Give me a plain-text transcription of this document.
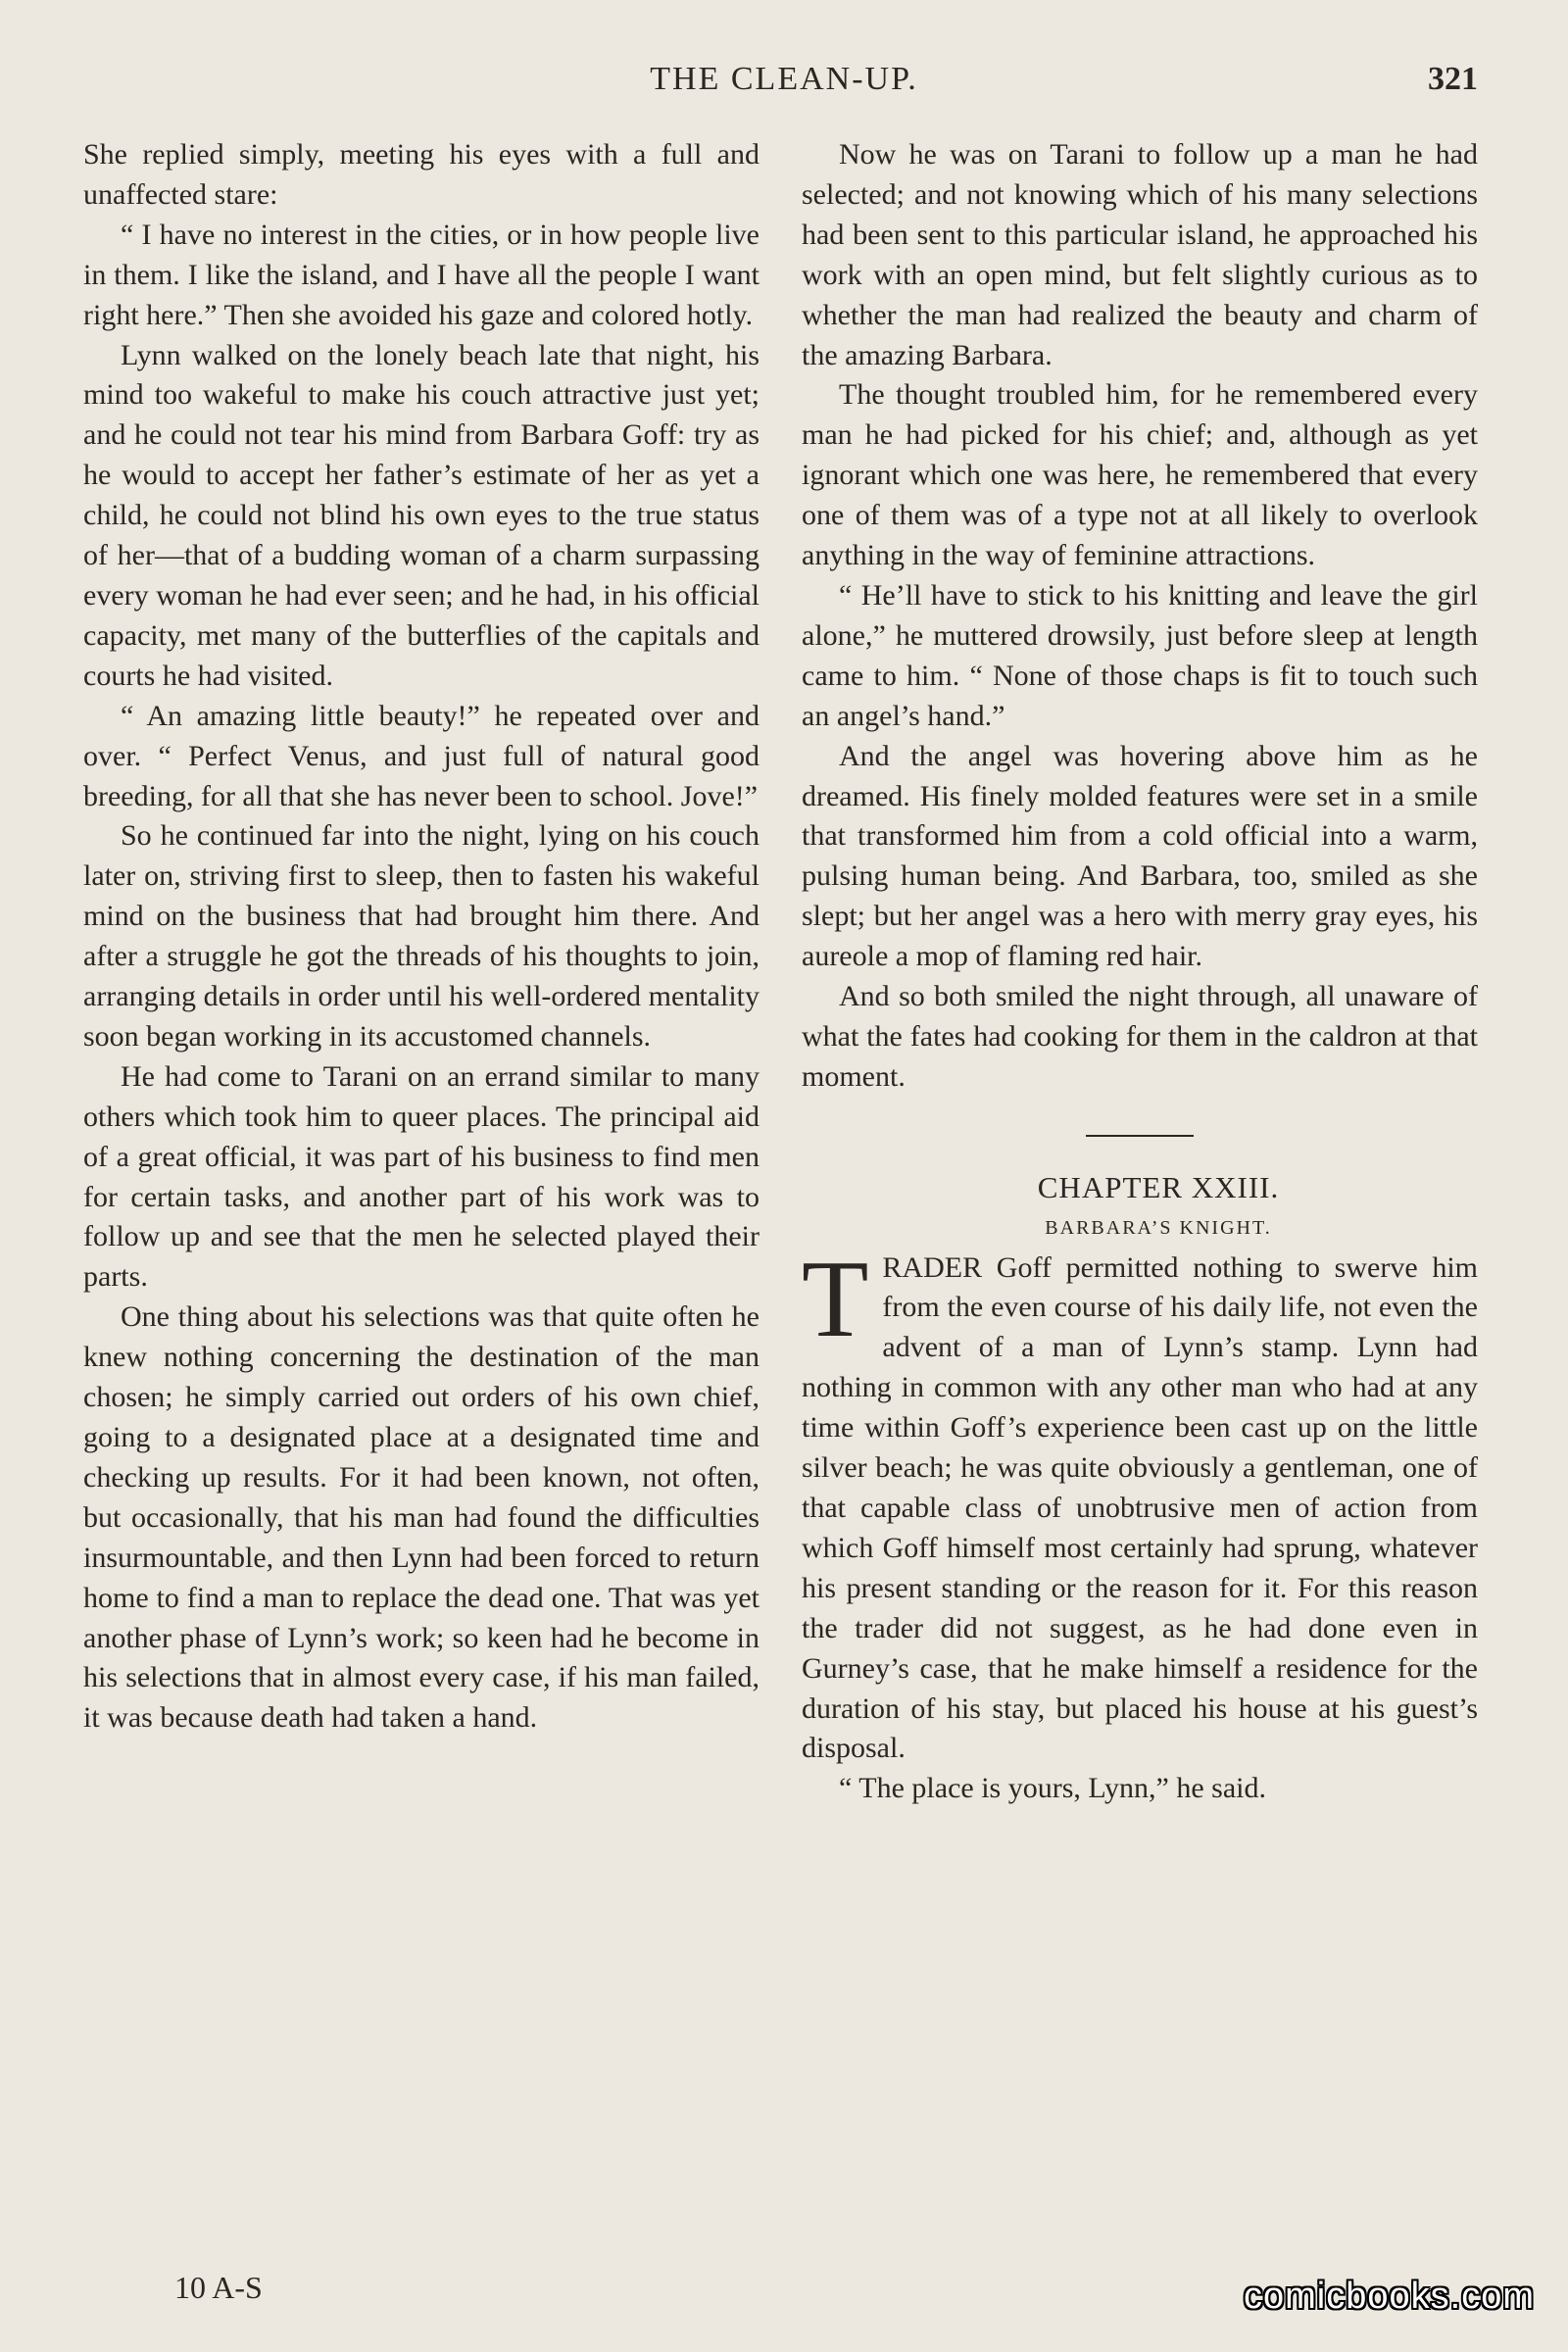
THE CLEAN-UP.	321

She replied simply, meeting his eyes with a full and unaffected stare:

“ I have no interest in the cities, or in how people live in them. I like the island, and I have all the people I want right here.” Then she avoided his gaze and colored hotly.

Lynn walked on the lonely beach late that night, his mind too wakeful to make his couch attractive just yet; and he could not tear his mind from Barbara Goff: try as he would to accept her father’s estimate of her as yet a child, he could not blind his own eyes to the true status of her—that of a budding woman of a charm surpassing every woman he had ever seen; and he had, in his official capacity, met many of the butterflies of the capitals and courts he had visited.

“ An amazing little beauty!” he repeated over and over. “ Perfect Venus, and just full of natural good breeding, for all that she has never been to school. Jove!”

So he continued far into the night, lying on his couch later on, striving first to sleep, then to fasten his wakeful mind on the business that had brought him there. And after a struggle he got the threads of his thoughts to join, arranging details in order until his well-ordered mentality soon began working in its accustomed channels.

He had come to Tarani on an errand similar to many others which took him to queer places. The principal aid of a great official, it was part of his business to find men for certain tasks, and another part of his work was to follow up and see that the men he selected played their parts.

One thing about his selections was that quite often he knew nothing concerning the destination of the man chosen; he simply carried out orders of his own chief, going to a designated place at a designated time and checking up results. For it had been known, not often, but occasionally, that his man had found the difficulties insurmountable, and then Lynn had been forced to return home to find a man to replace the dead one. That was yet another phase of Lynn’s work; so keen had he become in his selections that in almost every case, if his man failed, it was because death had taken a hand.

Now he was on Tarani to follow up a man he had selected; and not knowing which of his many selections had been sent to this particular island, he approached his work with an open mind, but felt slightly curious as to whether the man had realized the beauty and charm of the amazing Barbara.

The thought troubled him, for he remembered every man he had picked for his chief; and, although as yet ignorant which one was here, he remembered that every one of them was of a type not at all likely to overlook anything in the way of feminine attractions.

“ He’ll have to stick to his knitting and leave the girl alone,” he muttered drowsily, just before sleep at length came to him. “ None of those chaps is fit to touch such an angel’s hand.”

And the angel was hovering above him as he dreamed. His finely molded features were set in a smile that transformed him from a cold official into a warm, pulsing human being. And Barbara, too, smiled as she slept; but her angel was a hero with merry gray eyes, his aureole a mop of flaming red hair.

And so both smiled the night through, all unaware of what the fates had cooking for them in the caldron at that moment.

CHAPTER XXIII.

BARBARA’S KNIGHT.

TRADER Goff permitted nothing to swerve him from the even course of his daily life, not even the advent of a man of Lynn’s stamp. Lynn had nothing in common with any other man who had at any time within Goff’s experience been cast up on the little silver beach; he was quite obviously a gentleman, one of that capable class of unobtrusive men of action from which Goff himself most certainly had sprung, whatever his present standing or the reason for it. For this reason the trader did not suggest, as he had done even in Gurney’s case, that he make himself a residence for the duration of his stay, but placed his house at his guest’s disposal.

“ The place is yours, Lynn,” he said.

10 A-S	comicbooks.com
